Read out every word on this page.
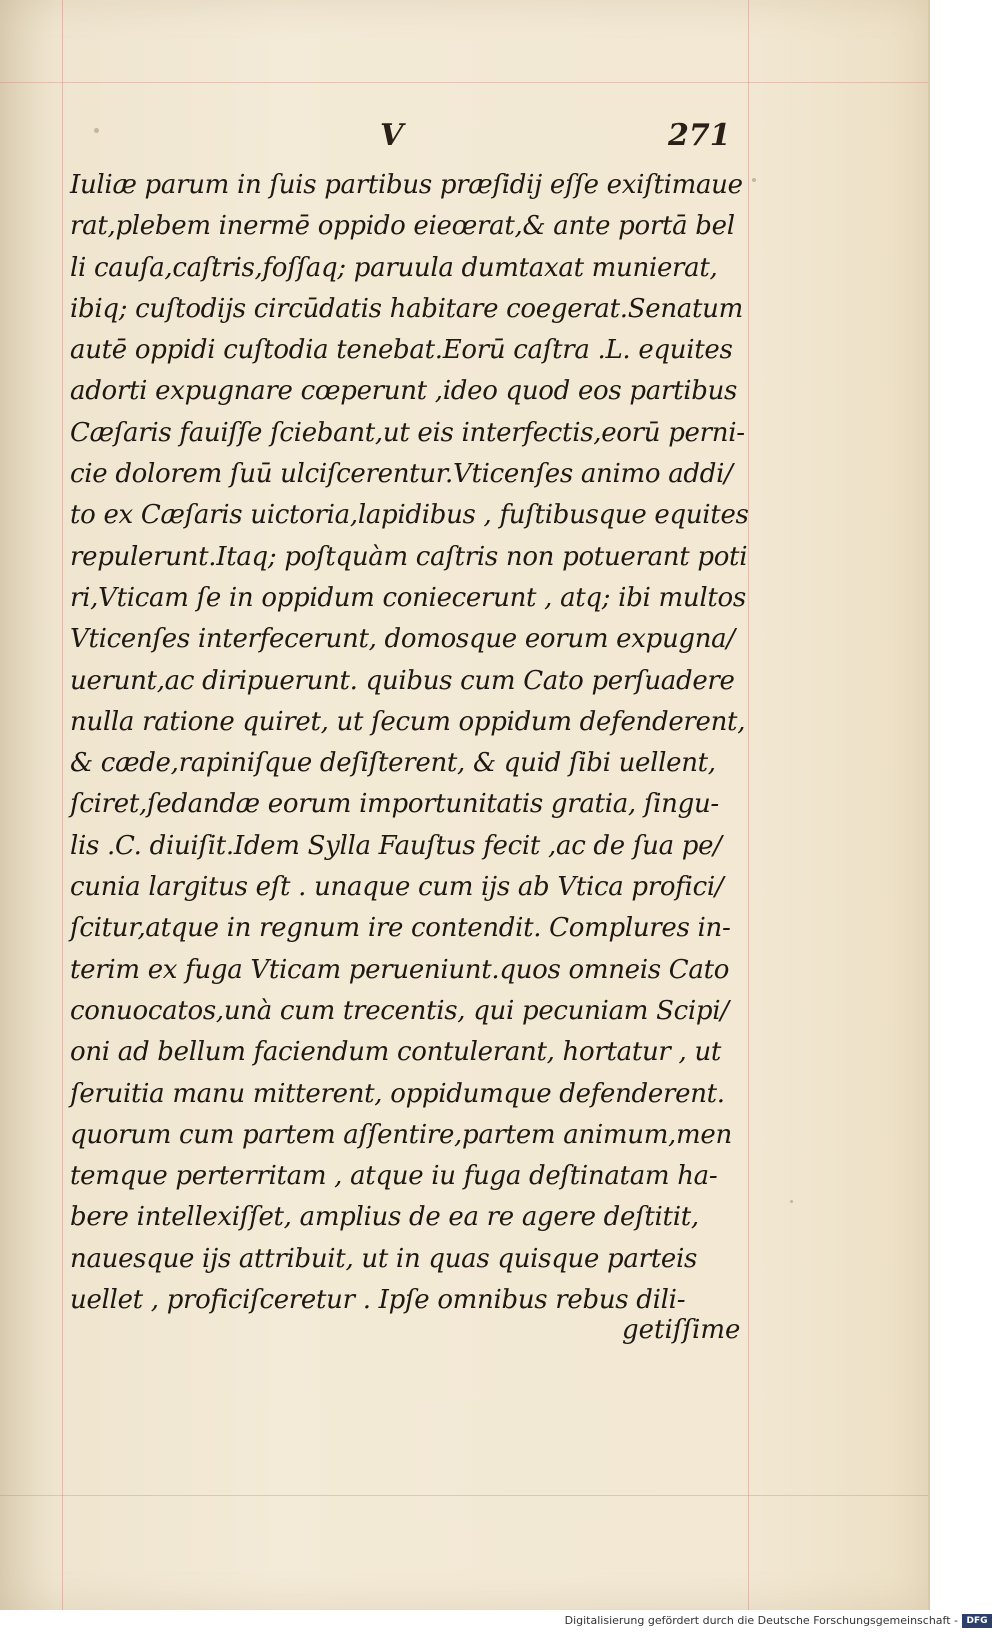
V	271
Iuliæ parum in ſuis partibus præſidij eſſe exiſtimaue
rat,plebem inermē oppido eieœrat,& ante portā bel
li cauſa,caſtris,foſſaq; paruula dumtaxat munierat,
ibiq; cuſtodijs circūdatis habitare coegerat.Senatum
autē oppidi cuſtodia tenebat.Eorū caſtra .L. equites
adorti expugnare cœperunt ,ideo quod eos partibus
Cæſaris fauiſſe ſciebant,ut eis interfectis,eorū perni-
cie dolorem ſuū ulciſcerentur.Vticenſes animo addi/
to ex Cæſaris uictoria,lapidibus , fuſtibusque equites
repulerunt.Itaq; poſtquàm caſtris non potuerant poti
ri,Vticam ſe in oppidum coniecerunt , atq; ibi multos
Vticenſes interfecerunt, domosque eorum expugna/
uerunt,ac diripuerunt. quibus cum Cato perſuadere
nulla ratione quiret, ut ſecum oppidum defenderent,
& cæde,rapiniſque deſiſterent, & quid ſibi uellent,
ſciret,ſedandæ eorum importunitatis gratia, ſingu-
lis .C. diuiſit.Idem Sylla Fauſtus fecit ,ac de ſua pe/
cunia largitus eſt . unaque cum ijs ab Vtica profici/
ſcitur,atque in regnum ire contendit. Complures in-
terim ex fuga Vticam perueniunt.quos omneis Cato
conuocatos,unà cum trecentis, qui pecuniam Scipi/
oni ad bellum faciendum contulerant, hortatur , ut
ſeruitia manu mitterent, oppidumque defenderent.
quorum cum partem aſſentire,partem animum,men
temque perterritam , atque iu fuga deſtinatam ha-
bere intellexiſſet, amplius de ea re agere deſtitit,
nauesque ijs attribuit, ut in quas quisque parteis
uellet , proficiſceretur . Ipſe omnibus rebus dili-
getiſſime
Digitalisierung gefördert durch die Deutsche Forschungsgemeinschaft - DFG
